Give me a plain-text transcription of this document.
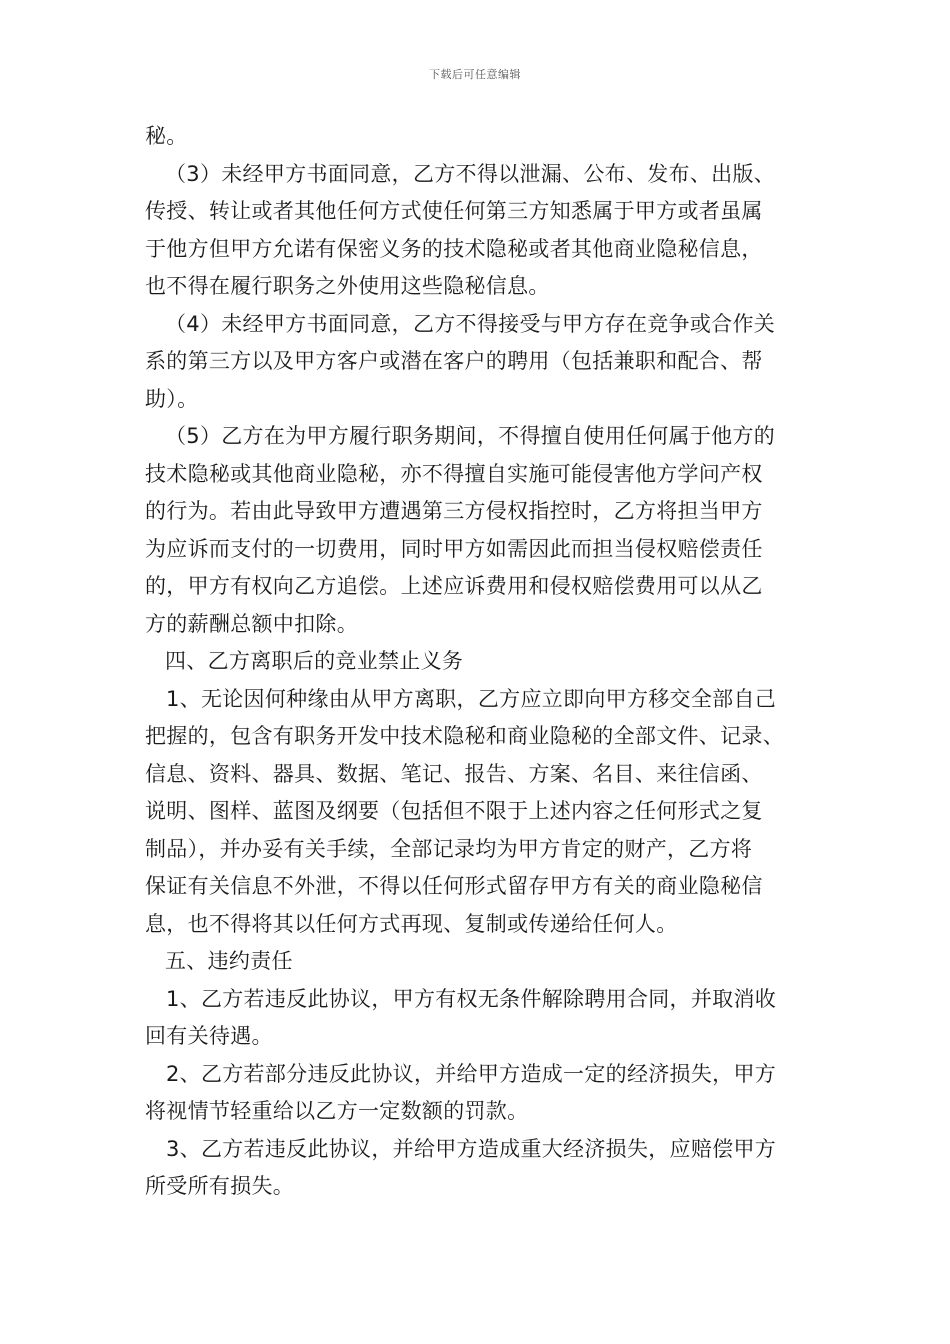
下载后可任意编辑
秘。
（3）未经甲方书面同意，乙方不得以泄漏、公布、发布、出版、
传授、转让或者其他任何方式使任何第三方知悉属于甲方或者虽属
于他方但甲方允诺有保密义务的技术隐秘或者其他商业隐秘信息，
也不得在履行职务之外使用这些隐秘信息。
（4）未经甲方书面同意，乙方不得接受与甲方存在竞争或合作关
系的第三方以及甲方客户或潜在客户的聘用（包括兼职和配合、帮
助）。
（5）乙方在为甲方履行职务期间，不得擅自使用任何属于他方的
技术隐秘或其他商业隐秘，亦不得擅自实施可能侵害他方学问产权
的行为。若由此导致甲方遭遇第三方侵权指控时，乙方将担当甲方
为应诉而支付的一切费用，同时甲方如需因此而担当侵权赔偿责任
的，甲方有权向乙方追偿。上述应诉费用和侵权赔偿费用可以从乙
方的薪酬总额中扣除。
四、乙方离职后的竞业禁止义务
1、无论因何种缘由从甲方离职，乙方应立即向甲方移交全部自己
把握的，包含有职务开发中技术隐秘和商业隐秘的全部文件、记录、
信息、资料、器具、数据、笔记、报告、方案、名目、来往信函、
说明、图样、蓝图及纲要（包括但不限于上述内容之任何形式之复
制品），并办妥有关手续，全部记录均为甲方肯定的财产，乙方将
保证有关信息不外泄，不得以任何形式留存甲方有关的商业隐秘信
息，也不得将其以任何方式再现、复制或传递给任何人。
五、违约责任
1、乙方若违反此协议，甲方有权无条件解除聘用合同，并取消收
回有关待遇。
2、乙方若部分违反此协议，并给甲方造成一定的经济损失，甲方
将视情节轻重给以乙方一定数额的罚款。
3、乙方若违反此协议，并给甲方造成重大经济损失，应赔偿甲方
所受所有损失。
